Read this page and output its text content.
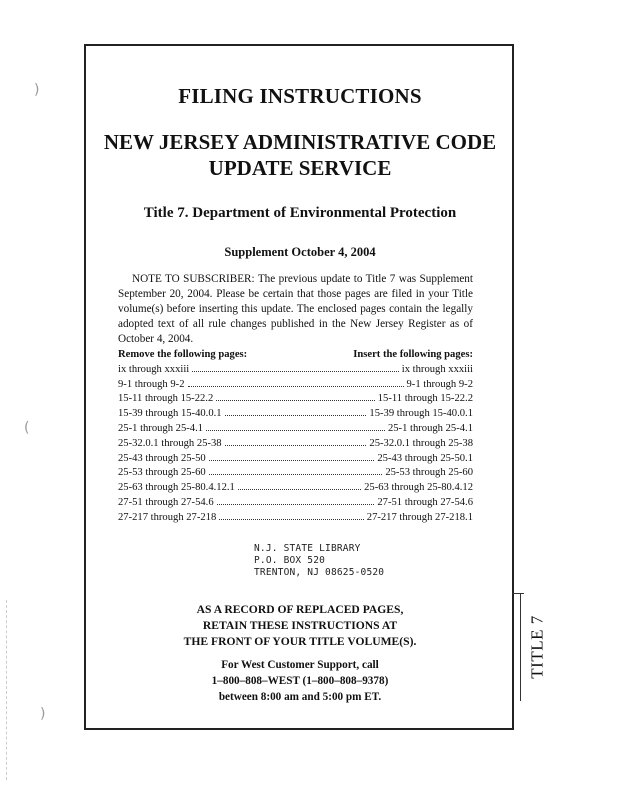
)
(
)
FILING INSTRUCTIONS
NEW JERSEY ADMINISTRATIVE CODE
UPDATE SERVICE
Title 7. Department of Environmental Protection
Supplement October 4, 2004
NOTE TO SUBSCRIBER: The previous update to Title 7 was Supplement September 20, 2004. Please be certain that those pages are filed in your Title volume(s) before inserting this update. The enclosed pages contain the legally adopted text of all rule changes published in the New Jersey Register as of October 4, 2004.
Remove the following pages:	Insert the following pages:
ix through xxxiii	ix through xxxiii
9-1 through 9-2	9-1 through 9-2
15-11 through 15-22.2	15-11 through 15-22.2
15-39 through 15-40.0.1	15-39 through 15-40.0.1
25-1 through 25-4.1	25-1 through 25-4.1
25-32.0.1 through 25-38	25-32.0.1 through 25-38
25-43 through 25-50	25-43 through 25-50.1
25-53 through 25-60	25-53 through 25-60
25-63 through 25-80.4.12.1	25-63 through 25-80.4.12
27-51 through 27-54.6	27-51 through 27-54.6
27-217 through 27-218	27-217 through 27-218.1
N.J. STATE LIBRARY
P.O. BOX 520
TRENTON, NJ 08625-0520
AS A RECORD OF REPLACED PAGES,
RETAIN THESE INSTRUCTIONS AT
THE FRONT OF YOUR TITLE VOLUME(S).
For West Customer Support, call
1–800–808–WEST (1–800–808–9378)
between 8:00 am and 5:00 pm ET.
TITLE 7
